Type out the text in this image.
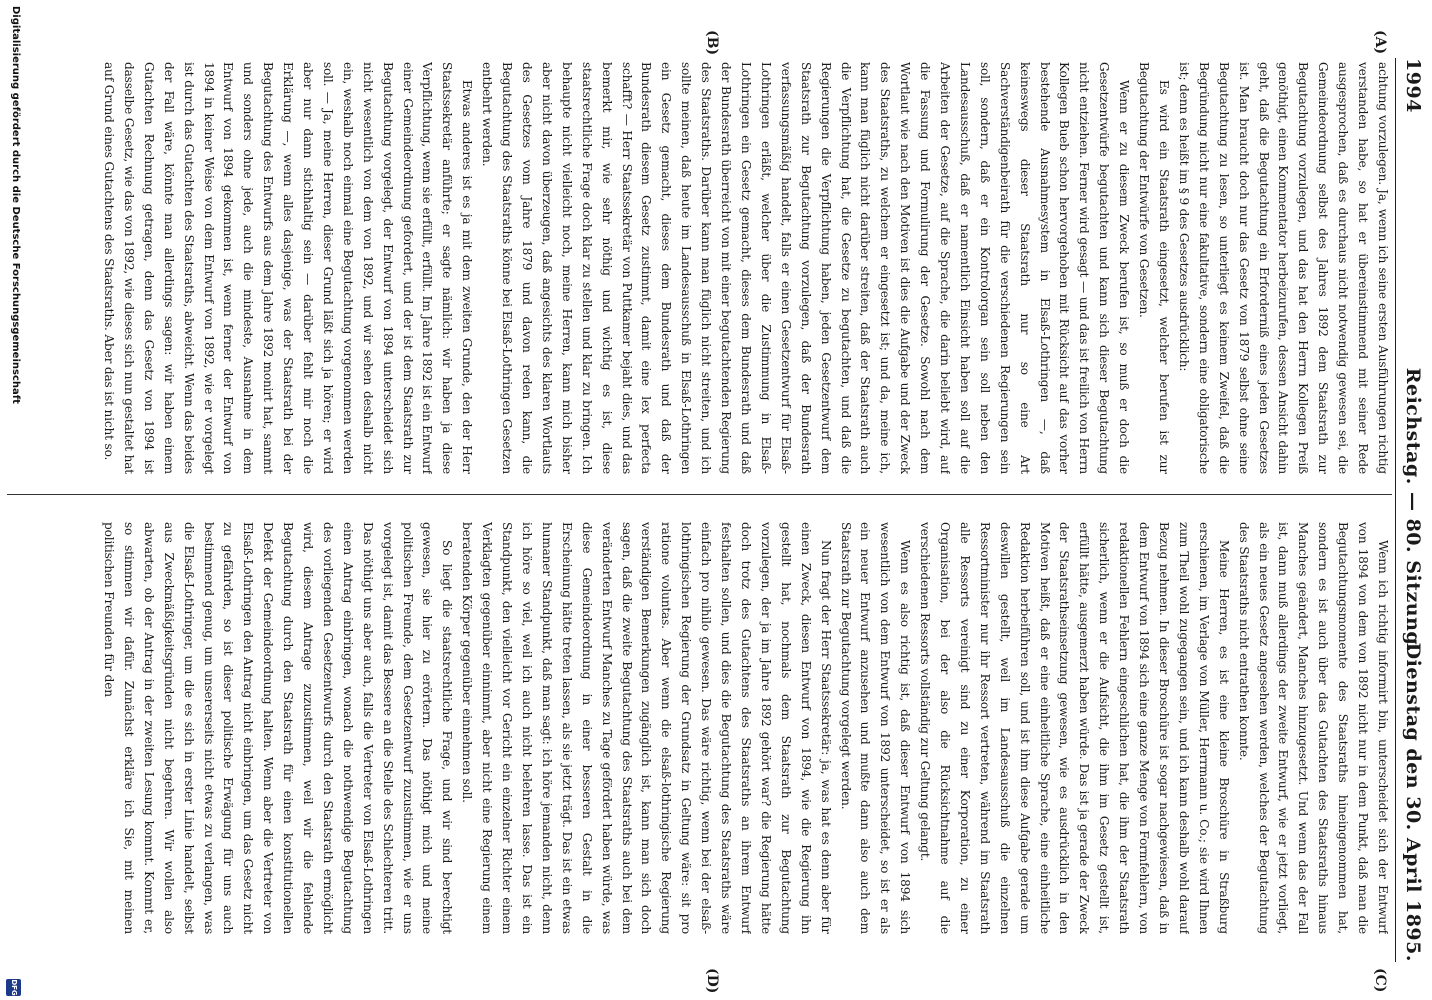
1994
Reichstag. — 80. Sitzung.
Dienstag den 30. April 1895.
(A)
(B)
(C)
(D)

achtung vorzulegen. Ja, wenn ich seine ersten Ausführungen richtig verstanden habe, so hat er übereinstimmend mit seiner Rede ausgesprochen, daß es durchaus nicht notwendig gewesen sei, die Gemeindeordnung selbst des Jahres 1892 dem Staatsrath zur Begutachtung vorzulegen, und das hat den Herrn Kollegen Preiß genöthigt, einen Kommentator herbeizurufen, dessen Ansicht dahin geht, daß die Begutachtung ein Erforderniß eines jeden Gesetzes ist. Man braucht doch nur das Gesetz von 1879 selbst ohne seine Begutachtung zu lesen, so unterliegt es keinem Zweifel, daß die Begründung nicht nur eine fakultative, sondern eine obligatorische ist; denn es heißt im § 9 des Gesetzes ausdrücklich:

Es wird ein Staatsrath eingesetzt, welcher berufen ist zur Begutachtung der Entwürfe von Gesetzen.

Wenn er zu diesem Zweck berufen ist, so muß er doch die Gesetzentwürfe begutachten und kann sich dieser Begutachtung nicht entziehen. Ferner wird gesagt — und das ist freilich von Herrn Kollegen Bueb schon hervorgehoben mit Rücksicht auf das vorher bestehende Ausnahmesystem in Elsaß-Lothringen —, daß keineswegs dieser Staatsrath nur so eine Art Sachverständigenbeirath für die verschiedenen Regierungen sein soll, sondern, daß er ein Kontrolorgan sein soll neben den Landesausschuß, daß er namentlich Einsicht haben soll auf die Arbeiten der Gesetze, auf die Sprache, die darin beliebt wird, auf die Fassung und Formulirung der Gesetze. Sowohl nach dem Wortlaut wie nach den Motiven ist dies die Aufgabe und der Zweck des Staatsraths, zu welchem er eingesetzt ist; und da, meine ich, kann man füglich nicht darüber streiten, daß der Staatsrath auch die Verpflichtung hat, die Gesetze zu begutachten, und daß die Regierungen die Verpflichtung haben, jeden Gesetzentwurf dem Staatsrath zur Begutachtung vorzulegen, daß der Bundesrath verfassungsmäßig handelt, falls er einen Gesetzentwurf für Elsaß-Lothringen erläßt, welcher über die Zustimmung in Elsaß-Lothringen ein Gesetz gemacht, dieses dem Bundesrath und daß der Bundesrath überreicht von mit einer begutachtenden Regierung des Staatsraths. Darüber kann man füglich nicht streiten, und ich sollte meinen, daß heute im Landesausschuß in Elsaß-Lothringen ein Gesetz gemacht, dieses dem Bundesrath und daß der Bundesrath diesem Gesetz zustimmt, damit eine lex perfecta schafft? — Herr Staatssekretär von Puttkamer bejaht dies, und das bemerkt mir, wie sehr nöthig und wichtig es ist, diese staatsrechtliche Frage doch klar zu stellen und klar zu bringen. Ich behaupte nicht vielleicht noch, meine Herren, kann mich bisher aber nicht davon überzeugen, daß angesichts des klaren Wortlauts des Gesetzes vom Jahre 1879 und davon reden kann, die Begutachtung des Staatsraths könne bei Elsaß-Lothringen Gesetzen entbehrt werden.

Etwas anderes ist es ja mit dem zweiten Grunde, den der Herr Staatssekretär anführte; er sagte nämlich: wir haben ja diese Verpflichtung, wenn sie erfüllt, erfüllt. Im Jahre 1892 ist ein Entwurf einer Gemeindeordnung gefordert, und der ist dem Staatsrath zur Begutachtung vorgelegt, der Entwurf von 1894 unterscheidet sich nicht wesentlich von dem von 1892, und wir sehen deshalb nicht ein, weshalb noch einmal eine Begutachtung vorgenommen werden soll. — Ja, meine Herren, dieser Grund läßt sich ja hören; er wird aber nur dann stichhaltig sein — darüber fehlt mir noch die Erklärung —, wenn alles dasjenige, was der Staatsrath bei der Begutachtung des Entwurfs aus dem Jahre 1892 monirt hat, sammt und sonders ohne jede, auch die mindeste, Ausnahme in dem Entwurf von 1894 gekommen ist, wenn ferner der Entwurf von 1894 in keiner Weise von dem Entwurf von 1892, wie er vorgelegt ist durch das Gutachten des Staatsraths, abweicht. Wenn das beides der Fall wäre, könnte man allerdings sagen: wir haben einem Gutachten Rechnung getragen, denn das Gesetz von 1894 ist dasselbe Gesetz, wie das von 1892, wie dieses sich nun gestaltet hat auf Grund eines Gutachtens des Staatsraths. Aber das ist nicht so.

Wenn ich richtig informirt bin, unterscheidet sich der Entwurf von 1894 von dem von 1892 nicht nur in dem Punkt, daß man die Begutachtungsmomente des Staatsraths hineingenommen hat, sondern es ist auch über das Gutachten des Staatsraths hinaus Manches geändert, Manches hinzugesetzt. Und wenn das der Fall ist, dann muß allerdings der zweite Entwurf, wie er jetzt vorliegt, als ein neues Gesetz angesehen werden, welches der Begutachtung des Staatsraths nicht entrathen konnte.

Meine Herren, es ist eine kleine Broschüre in Straßburg erschienen, im Verlage von Müller, Herrmann u. Co.; sie wird Ihnen zum Theil wohl zugegangen sein, und ich kann deshalb wohl darauf Bezug nehmen. In dieser Broschüre ist sogar nachgewiesen, daß in dem Entwurf von 1894 sich eine ganze Menge von Formfehlern, von redaktionellen Fehlern eingeschlichen hat, die ihm der Staatsrath sicherlich, wenn er die Aufsicht, die ihm im Gesetz gestellt ist, erfüllt hätte, ausgemerzt haben würde. Das ist ja gerade der Zweck der Staatsrathseinsetzung gewesen, wie es ausdrücklich in den Motiven heißt, daß er eine einheitliche Sprache, eine einheitliche Redaktion herbeiführen soll, und ist ihm diese Aufgabe gerade um deswillen gestellt, weil im Landesausschuß die einzelnen Ressortminister nur ihr Ressort vertreten, während im Staatsrath alle Ressorts vereinigt sind zu einer Korporation, zu einer Organisation, bei der also die Rücksichtnahme auf die verschiedenen Ressorts vollständig zur Geltung gelangt.

Wenn es also richtig ist, daß dieser Entwurf von 1894 sich wesentlich von dem Entwurf von 1892 unterscheidet, so ist er als ein neuer Entwurf anzusehen und mußte dann also auch dem Staatsrath zur Begutachtung vorgelegt werden.

Nun fragt der Herr Staatssekretär: ja, was hat es denn aber für einen Zweck, diesen Entwurf von 1894, wie die Regierung ihn gestellt hat, nochmals dem Staatsrath zur Begutachtung vorzulegen, der ja im Jahre 1892 gehört war? die Regierung hätte doch trotz des Gutachtens des Staatsraths an ihrem Entwurf festhalten sollen, und dies die Begutachtung des Staatsraths wäre einfach pro nihilo gewesen. Das wäre richtig, wenn bei der elsaß-lothringischen Regierung der Grundsatz in Geltung wäre: sit pro ratione voluntas. Aber wenn die elsaß-lothringische Regierung verständigen Bemerkungen zugänglich ist, kann man sich doch sagen, daß die zweite Begutachtung des Staatsraths auch bei dem veränderten Entwurf Manches zu Tage gefördert haben würde, was diese Gemeindeordnung in einer besseren Gestalt in die Erscheinung hätte treten lassen, als sie jetzt trägt. Das ist ein etwas humaner Standpunkt, daß man sagt: ich höre jemanden nicht, denn ich höre so viel, weil ich auch nicht belehren lasse. Das ist ein Standpunkt, den vielleicht vor Gericht ein einzelner Richter einem Verklagten gegenüber einnimmt, aber nicht eine Regierung einem beratenden Körper gegenüber einnehmen soll.

So liegt die staatsrechtliche Frage, und wir sind berechtigt gewesen, sie hier zu erörtern. Das nöthigt mich und meine politischen Freunde, dem Gesetzentwurf zuzustimmen, wie er uns vorgelegt ist, damit das Bessere an die Stelle des Schlechteren tritt. Das nöthigt uns aber auch, falls die Vertreter von Elsaß-Lothringen einen Antrag einbringen, wonach die nothwendige Begutachtung des vorliegenden Gesetzentwurfs durch den Staatsrath ermöglicht wird, diesem Antrage zuzustimmen, weil wir die fehlende Begutachtung durch den Staatsrath für einen konstitutionellen Defekt der Gemeindeordnung halten. Wenn aber die Vertreter von Elsaß-Lothringen den Antrag nicht einbringen, um das Gesetz nicht zu gefährden, so ist dieser politische Erwägung für uns auch bestimmend genug, um unsererseits nicht etwas zu verlangen, was die Elsaß-Lothringer, um die es sich in erster Linie handelt, selbst aus Zweckmäßigkeitsgründen nicht begehren. Wir wollen also abwarten, ob der Antrag in der zweiten Lesung kommt. Kommt er, so stimmen wir dafür. Zunächst erkläre ich Sie, mit meinen politischen Freunden für den

Digitalisierung gefördert durch die Deutsche Forschungsgemeinschaft
DFG
